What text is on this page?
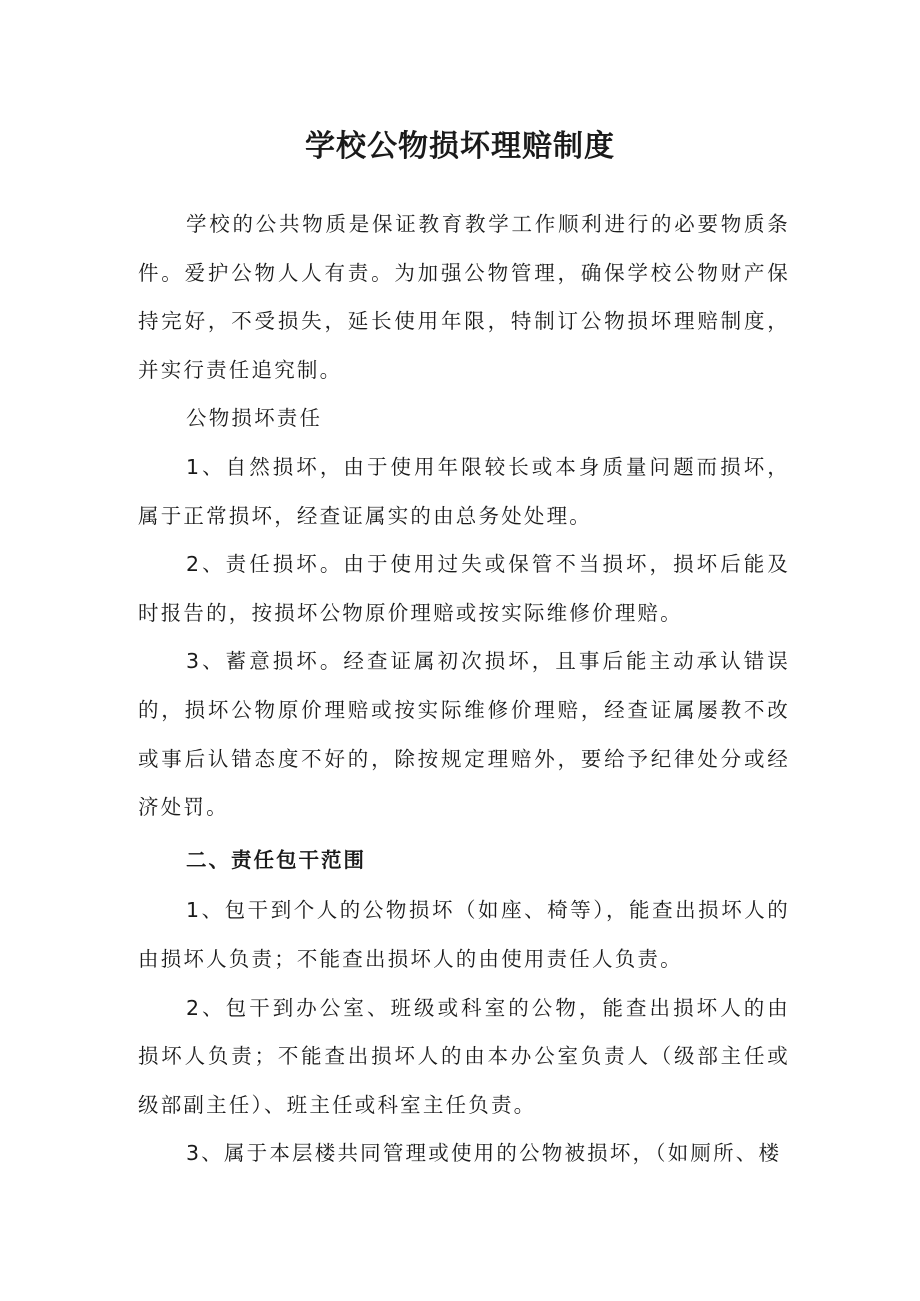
学校公物损坏理赔制度

学校的公共物质是保证教育教学工作顺利进行的必要物质条件。爱护公物人人有责。为加强公物管理，确保学校公物财产保持完好，不受损失，延长使用年限，特制订公物损坏理赔制度，并实行责任追究制。

公物损坏责任

1、自然损坏，由于使用年限较长或本身质量问题而损坏，属于正常损坏，经查证属实的由总务处处理。

2、责任损坏。由于使用过失或保管不当损坏，损坏后能及时报告的，按损坏公物原价理赔或按实际维修价理赔。

3、蓄意损坏。经查证属初次损坏，且事后能主动承认错误的，损坏公物原价理赔或按实际维修价理赔，经查证属屡教不改或事后认错态度不好的，除按规定理赔外，要给予纪律处分或经济处罚。

二、责任包干范围

1、包干到个人的公物损坏（如座、椅等），能查出损坏人的由损坏人负责；不能查出损坏人的由使用责任人负责。

2、包干到办公室、班级或科室的公物，能查出损坏人的由损坏人负责；不能查出损坏人的由本办公室负责人（级部主任或级部副主任）、班主任或科室主任负责。

3、属于本层楼共同管理或使用的公物被损坏，（如厕所、楼
